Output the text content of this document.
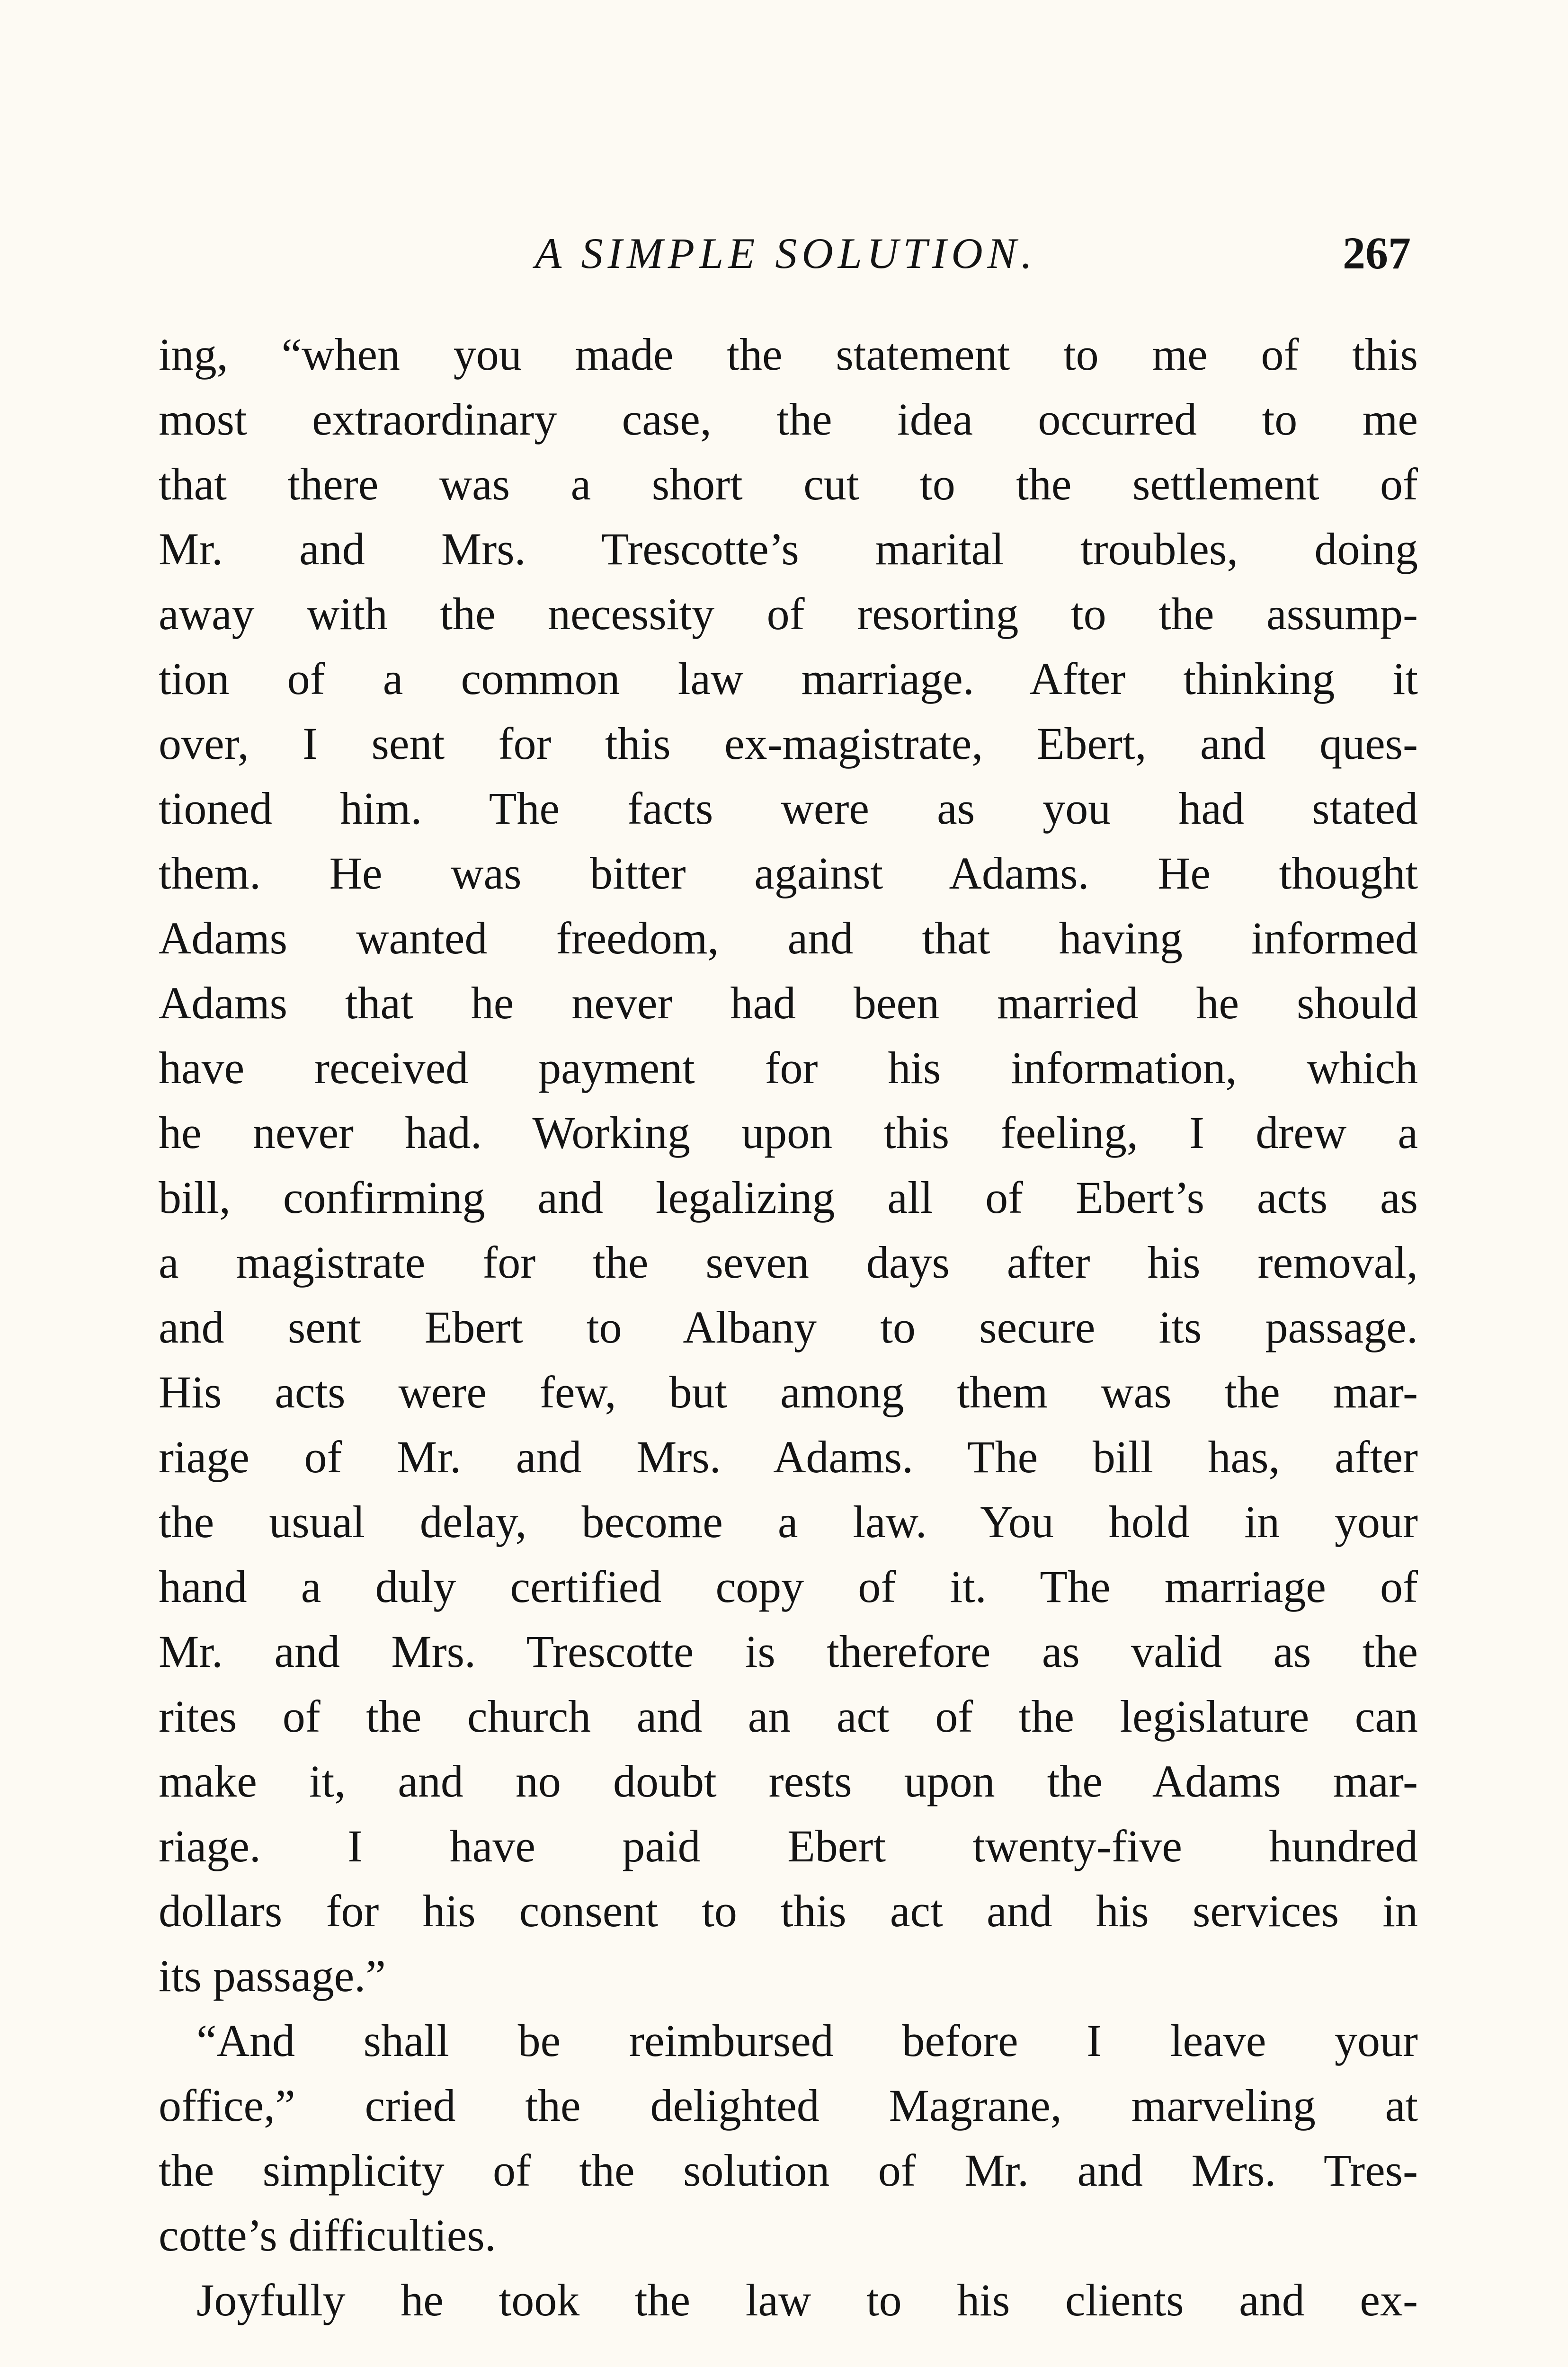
A SIMPLE SOLUTION.	267
ing, “when you made the statement to me of this
most extraordinary case, the idea occurred to me
that there was a short cut to the settlement of
Mr. and Mrs. Trescotte’s marital troubles, doing
away with the necessity of resorting to the assump-
tion of a common law marriage. After thinking it
over, I sent for this ex-magistrate, Ebert, and ques-
tioned him. The facts were as you had stated
them. He was bitter against Adams. He thought
Adams wanted freedom, and that having informed
Adams that he never had been married he should
have received payment for his information, which
he never had. Working upon this feeling, I drew a
bill, confirming and legalizing all of Ebert’s acts as
a magistrate for the seven days after his removal,
and sent Ebert to Albany to secure its passage.
His acts were few, but among them was the mar-
riage of Mr. and Mrs. Adams. The bill has, after
the usual delay, become a law. You hold in your
hand a duly certified copy of it. The marriage of
Mr. and Mrs. Trescotte is therefore as valid as the
rites of the church and an act of the legislature can
make it, and no doubt rests upon the Adams mar-
riage. I have paid Ebert twenty-five hundred
dollars for his consent to this act and his services in
its passage.”
“And shall be reimbursed before I leave your
office,” cried the delighted Magrane, marveling at
the simplicity of the solution of Mr. and Mrs. Tres-
cotte’s difficulties.
Joyfully he took the law to his clients and ex-
